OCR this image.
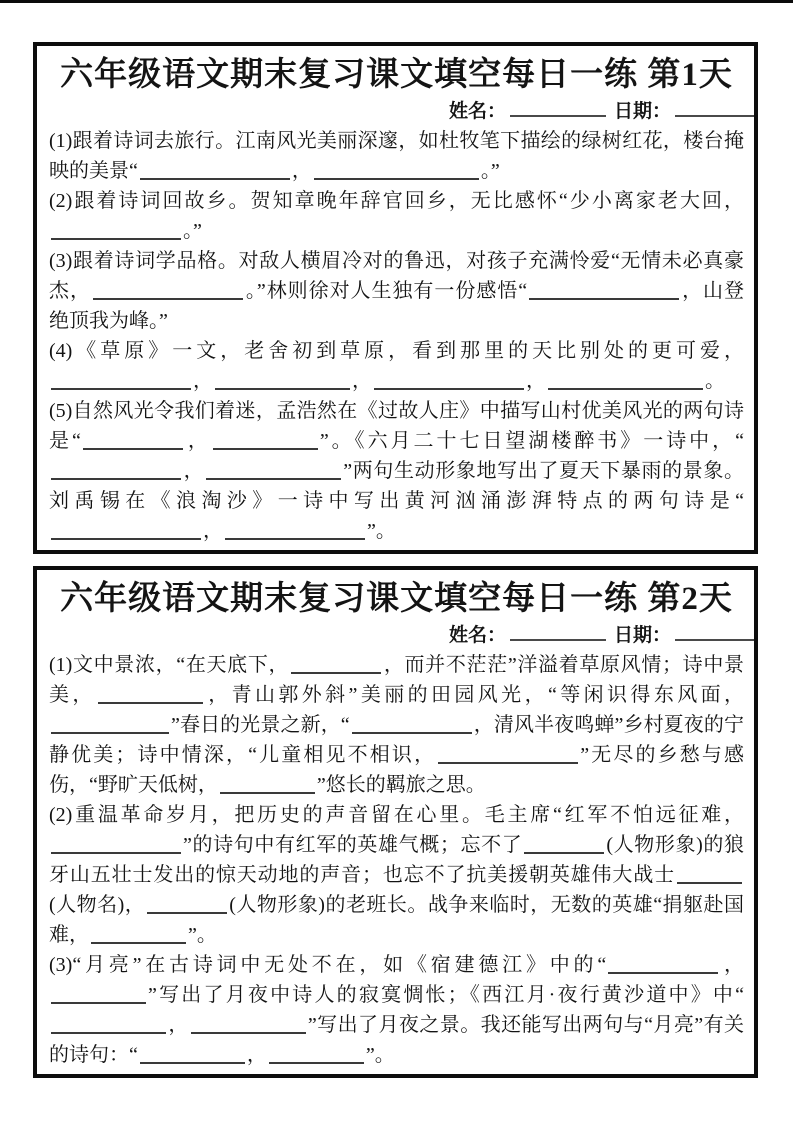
六年级语文期末复习课文填空每日一练 第1天
姓名：	日期：

(1)跟着诗词去旅行。江南风光美丽深邃，如杜牧笔下描绘的绿树红花，楼台掩映的美景“	，	。”

(2)跟着诗词回故乡。贺知章晚年辞官回乡，无比感怀“少小离家老大回，。”

(3)跟着诗词学品格。对敌人横眉冷对的鲁迅，对孩子充满怜爱“无情未必真豪杰，	。”林则徐对人生独有一份感悟“	，山登绝顶我为峰。”

(4)《草原》一文，老舍初到草原，看到那里的天比别处的更可爱，，	，	，	。

(5)自然风光令我们着迷，孟浩然在《过故人庄》中描写山村优美风光的两句诗是“	，	”。《六月二十七日望湖楼醉书》一诗中，“，	”两句生动形象地写出了夏天下暴雨的景象。刘禹锡在《浪淘沙》一诗中写出黄河汹涌澎湃特点的两句诗是“，	”。

六年级语文期末复习课文填空每日一练 第2天
姓名：	日期：

(1)文中景浓，“在天底下，	，而并不茫茫”洋溢着草原风情；诗中景美，	，青山郭外斜”美丽的田园风光，“等闲识得东风面，”春日的光景之新，“	，清风半夜鸣蝉”乡村夏夜的宁静优美；诗中情深，“儿童相见不相识，	”无尽的乡愁与感伤，“野旷天低树，	”悠长的羁旅之思。

(2)重温革命岁月，把历史的声音留在心里。毛主席“红军不怕远征难，”的诗句中有红军的英雄气概；忘不了	(人物形象)的狼牙山五壮士发出的惊天动地的声音；也忘不了抗美援朝英雄伟大战士(人物名)，	(人物形象)的老班长。战争来临时，无数的英雄“捐躯赴国难，	”。

(3)“月亮”在古诗词中无处不在，如《宿建德江》中的“	，”写出了月夜中诗人的寂寞惆怅；《西江月·夜行黄沙道中》中“，	”写出了月夜之景。我还能写出两句与“月亮”有关的诗句：“	，	”。
